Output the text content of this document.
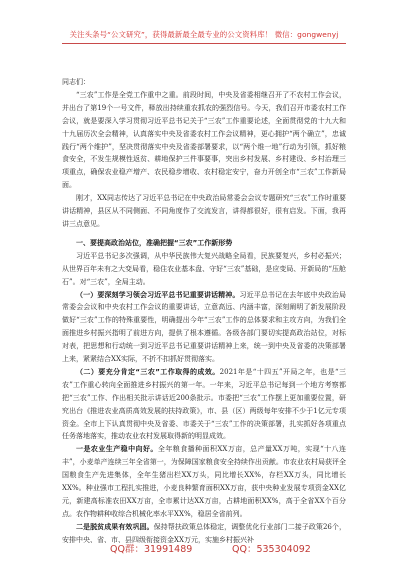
关注头条号“公文研究”，获得最新最全最专业的公文资料库！ 微信：gongwenyj

同志们：

“三农”工作是全党工作重中之重。前段时间，中央及省委相继召开了不农村工作会议，并出台了第19个一号文件，释放出持续重农抓农的强烈信号。今天，我们召开市委农村工作会议，就是要深入学习贯彻习近平总书记关于“三农”工作重要论述，全面贯彻党的十九大和十九届历次全会精神，认真落实中央及省委农村工作会议精神，更心拥护“两个确立”，忠诚践行“两个维护”，坚决贯彻落实中央及省委部署要求，以“两个维一地”行动为引领，抓好粮食安全，不发生规模性返贫、耕地保护三件事要事，突出乡村发展、乡村建设、乡村治理三项重点，确保农业稳产增产、农民稳步增收、农村稳定安宁，奋力开创全市“三农”工作新局面。

刚才，XX同志传达了习近平总书记在中央政治局常委会会议专题研究“三农”工作时重要讲话精神，县区从不同侧面、不同角度作了交流发言，讲得都很好，很有启发。下面，我再讲三点意见。

一、要提高政治站位，准确把握“三农”工作新形势

习近平总书记多次强调，从中华民族伟大复兴战略全局看，民族要复兴，乡村必振兴；从世界百年未有之大变局看，稳住农业基本盘、守好“三农”基础，是应变局、开新局的“压舱石”。对“三农”，全局主动。

（一）要深刻学习领会习近平总书记重要讲话精神。习近平总书记在去年底中央政治局常委会会议和中央农村工作会议的重要讲话，立意高远、内涵丰富，深刻阐明了新发展阶段做好“三农”工作的特殊重要性，明确提出今年“三农”工作的总体要求和主攻方向，为我们全面推进乡村振兴指明了前进方向，提供了根本遵循。各级各部门要切实提高政治站位，对标对表，把思想和行动统一到习近平总书记重要讲话精神上来，统一到中央及省委的决策部署上来，紧紧结合XX实际，不折不扣抓好贯彻落实。

（二）要充分肯定“三农”工作取得的成效。2021年是“十四五”开局之年，也是“三农”工作重心转向全面推进乡村振兴的第一年。一年来，习近平总书记每到一个地方考察都把“三农”工作、作出相关批示讲话近200条批示。市委把“三农”工作摆上更加重要位置，研究出台《推进农业高质高效发展的扶持政策》，市、县（区）两级每年安排不少于1亿元专项资金。全市上下认真贯彻中央及省委、市委关于“三农”工作的决策部署，扎实抓好各项重点任务落地落实，推动农业农村发展取得新的明显成效。

一是农业生产稳中向好。全年粮食播种面积XX万亩，总产量XX万吨，实现“十八连丰”，小麦单产连续三年全省第一，为保障国家粮食安全持续作出贡献。市农业农村局获评全国粮食生产先进集体，全年生猪出栏XX万头，同比增长XX%，存栏XX万头，同比增长XX%。种业强市工程扎实推进，小麦良种繁育面积XX万亩，获中央种业发展专项资金XX亿元，新建高标准农田XX万亩，全市累计达XX万亩，占耕地面积XX%，高于全省XX个百分点。农作物耕种收综合机械化率水平XX%，稳居全省前列。

二是脱贫成果有效巩固。保持帮扶政策总体稳定，调整优化行业部门二接子政策26个，安排中央、省、市、县四级衔接资金XX万元，实施乡村振兴补

QQ群：31991489	QQ：535304092
